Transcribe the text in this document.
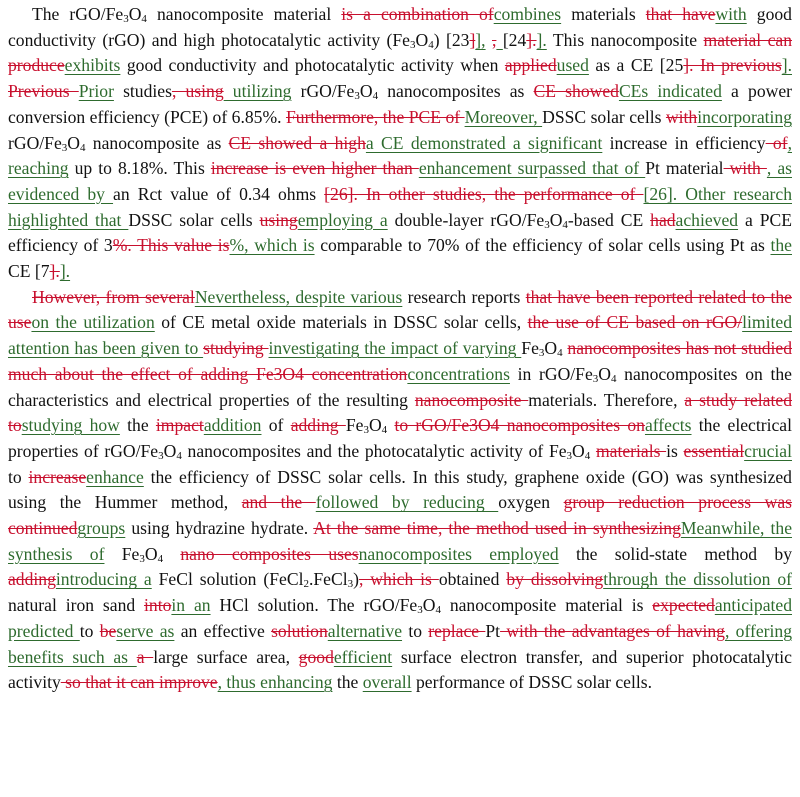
The rGO/$Fe_3O_4$ nanocomposite material is a combination ofcombines materials that havewith good conductivity (rGO) and high photocatalytic activity $(Fe_3O_4)$ [23]], , [24].]. This nanocomposite material can produceexhibits good conductivity and photocatalytic activity when appliedused as a CE [25]. In previous]. Previous Prior studies, using utilizing rGO/$Fe_3O_4$ nanocomposites as CE showedCEs indicated a power conversion efficiency (PCE) of 6.85%. Furthermore, the PCE of Moreover, DSSC solar cells withincorporating rGO/$Fe_3O_4$ nanocomposite as CE showed a higha CE demonstrated a significant increase in efficiency of, reaching up to 8.18%. This increase is even higher than enhancement surpassed that of Pt material with , as evidenced by an Rct value of 0.34 ohms [26]. In other studies, the performance of [26]. Other research highlighted that DSSC solar cells usingemploying a double-layer rGO/$Fe_3O_4$-based CE hadachieved a PCE efficiency of 3%. This value is%, which is comparable to 70% of the efficiency of solar cells using Pt as the CE [7].].

However, from severalNevertheless, despite various research reports that have been reported related to the useon the utilization of CE metal oxide materials in DSSC solar cells, the use of CE based on rGO/limited attention has been given to studying investigating the impact of varying $Fe_3O_4$ nanocomposites has not studied much about the effect of adding Fe3O4 concentrationconcentrations in rGO/$Fe_3O_4$ nanocomposites on the characteristics and electrical properties of the resulting nanocomposite materials. Therefore, a study related tostudying how the impactaddition of adding $Fe_3O_4$ to rGO/Fe3O4 nanocomposites onaffects the electrical properties of rGO/$Fe_3O_4$ nanocomposites and the photocatalytic activity of $Fe_3O_4$ materials is essentialcrucial to increaseenhance the efficiency of DSSC solar cells. In this study, graphene oxide (GO) was synthesized using the Hummer method, and the followed by reducing oxygen group reduction process was continuedgroups using hydrazine hydrate. At the same time, the method used in synthesizingMeanwhile, the synthesis of $Fe_3O_4$ nano composites usesnanocomposites employed the solid-state method by addingintroducing a FeCl solution (FeCl$_2$.FeCl$_3$), which is obtained by dissolvingthrough the dissolution of natural iron sand intoin an HCl solution. The rGO/$Fe_3O_4$ nanocomposite material is expectedanticipated predicted to beserve as an effective solutionalternative to replace Pt with the advantages of having, offering benefits such as a large surface area, goodefficient surface electron transfer, and superior photocatalytic activity so that it can improve, thus enhancing the overall performance of DSSC solar cells.
